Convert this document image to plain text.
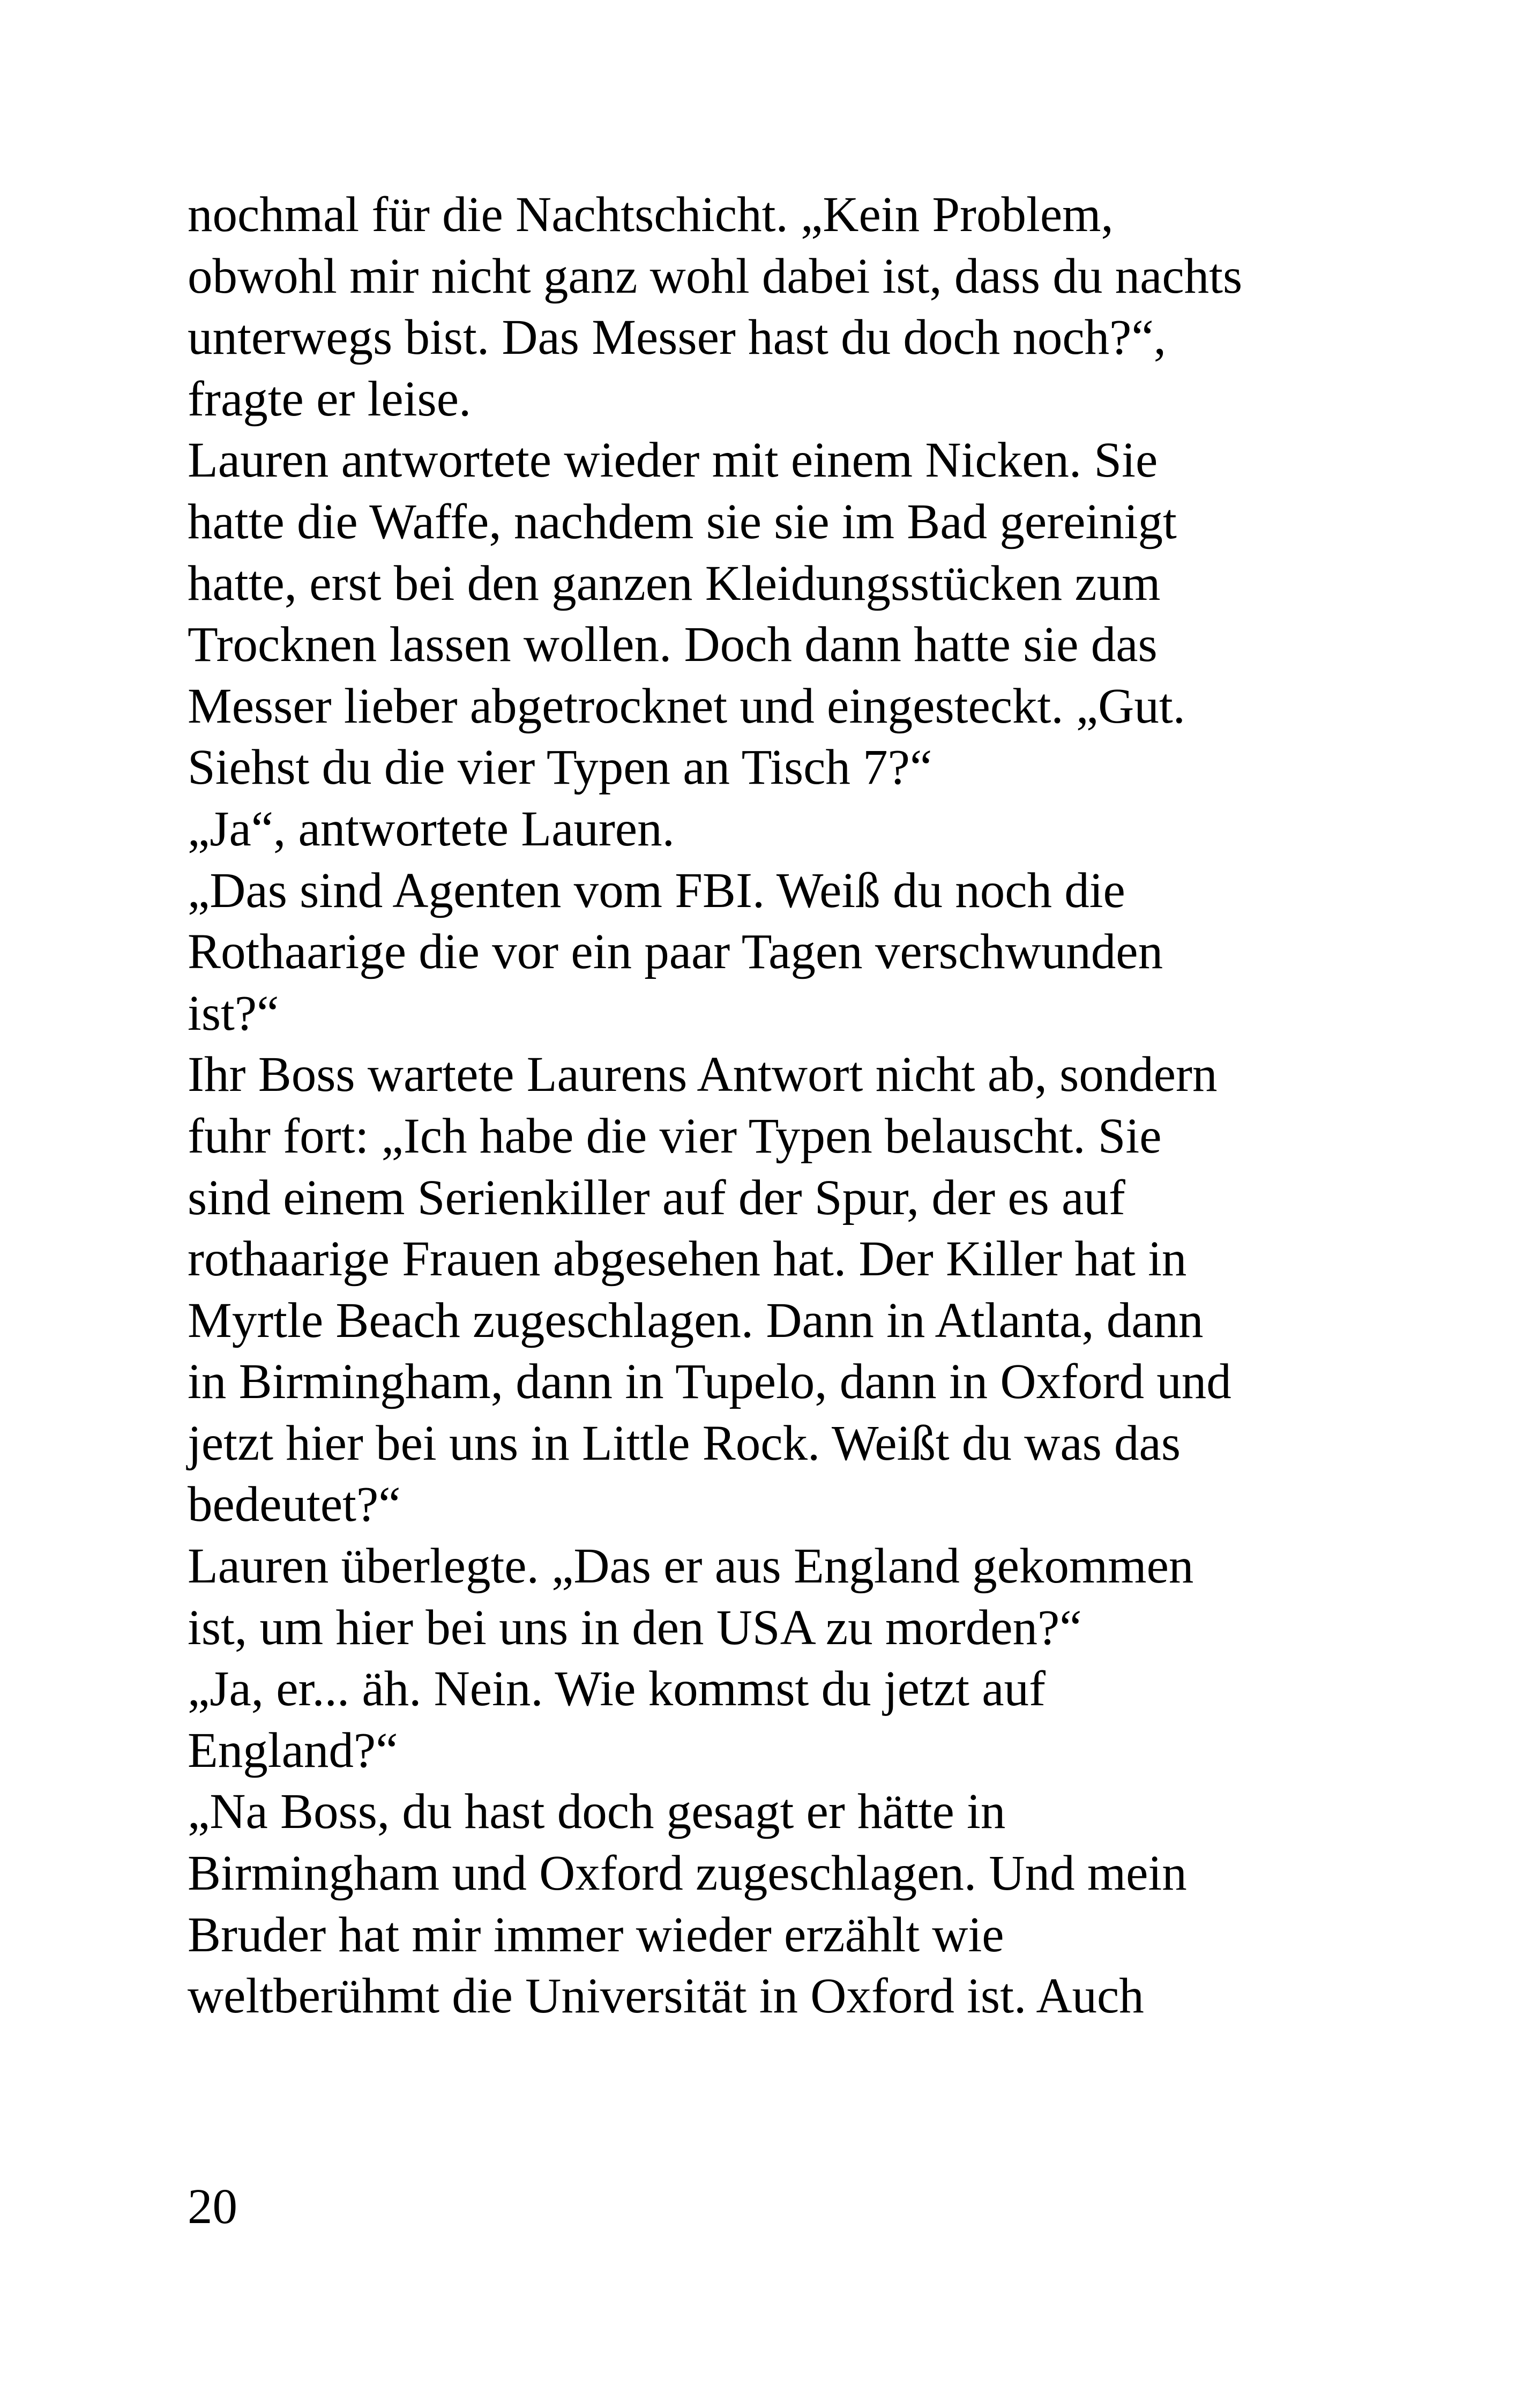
nochmal für die Nachtschicht. „Kein Problem,
obwohl mir nicht ganz wohl dabei ist, dass du nachts
unterwegs bist. Das Messer hast du doch noch?“,
fragte er leise.
Lauren antwortete wieder mit einem Nicken. Sie
hatte die Waffe, nachdem sie sie im Bad gereinigt
hatte, erst bei den ganzen Kleidungsstücken zum
Trocknen lassen wollen. Doch dann hatte sie das
Messer lieber abgetrocknet und eingesteckt. „Gut.
Siehst du die vier Typen an Tisch 7?“
„Ja“, antwortete Lauren.
„Das sind Agenten vom FBI. Weiß du noch die
Rothaarige die vor ein paar Tagen verschwunden
ist?“
Ihr Boss wartete Laurens Antwort nicht ab, sondern
fuhr fort: „Ich habe die vier Typen belauscht. Sie
sind einem Serienkiller auf der Spur, der es auf
rothaarige Frauen abgesehen hat. Der Killer hat in
Myrtle Beach zugeschlagen. Dann in Atlanta, dann
in Birmingham, dann in Tupelo, dann in Oxford und
jetzt hier bei uns in Little Rock. Weißt du was das
bedeutet?“
Lauren überlegte. „Das er aus England gekommen
ist, um hier bei uns in den USA zu morden?“
„Ja, er... äh. Nein. Wie kommst du jetzt auf
England?“
„Na Boss, du hast doch gesagt er hätte in
Birmingham und Oxford zugeschlagen. Und mein
Bruder hat mir immer wieder erzählt wie
weltberühmt die Universität in Oxford ist. Auch
20
